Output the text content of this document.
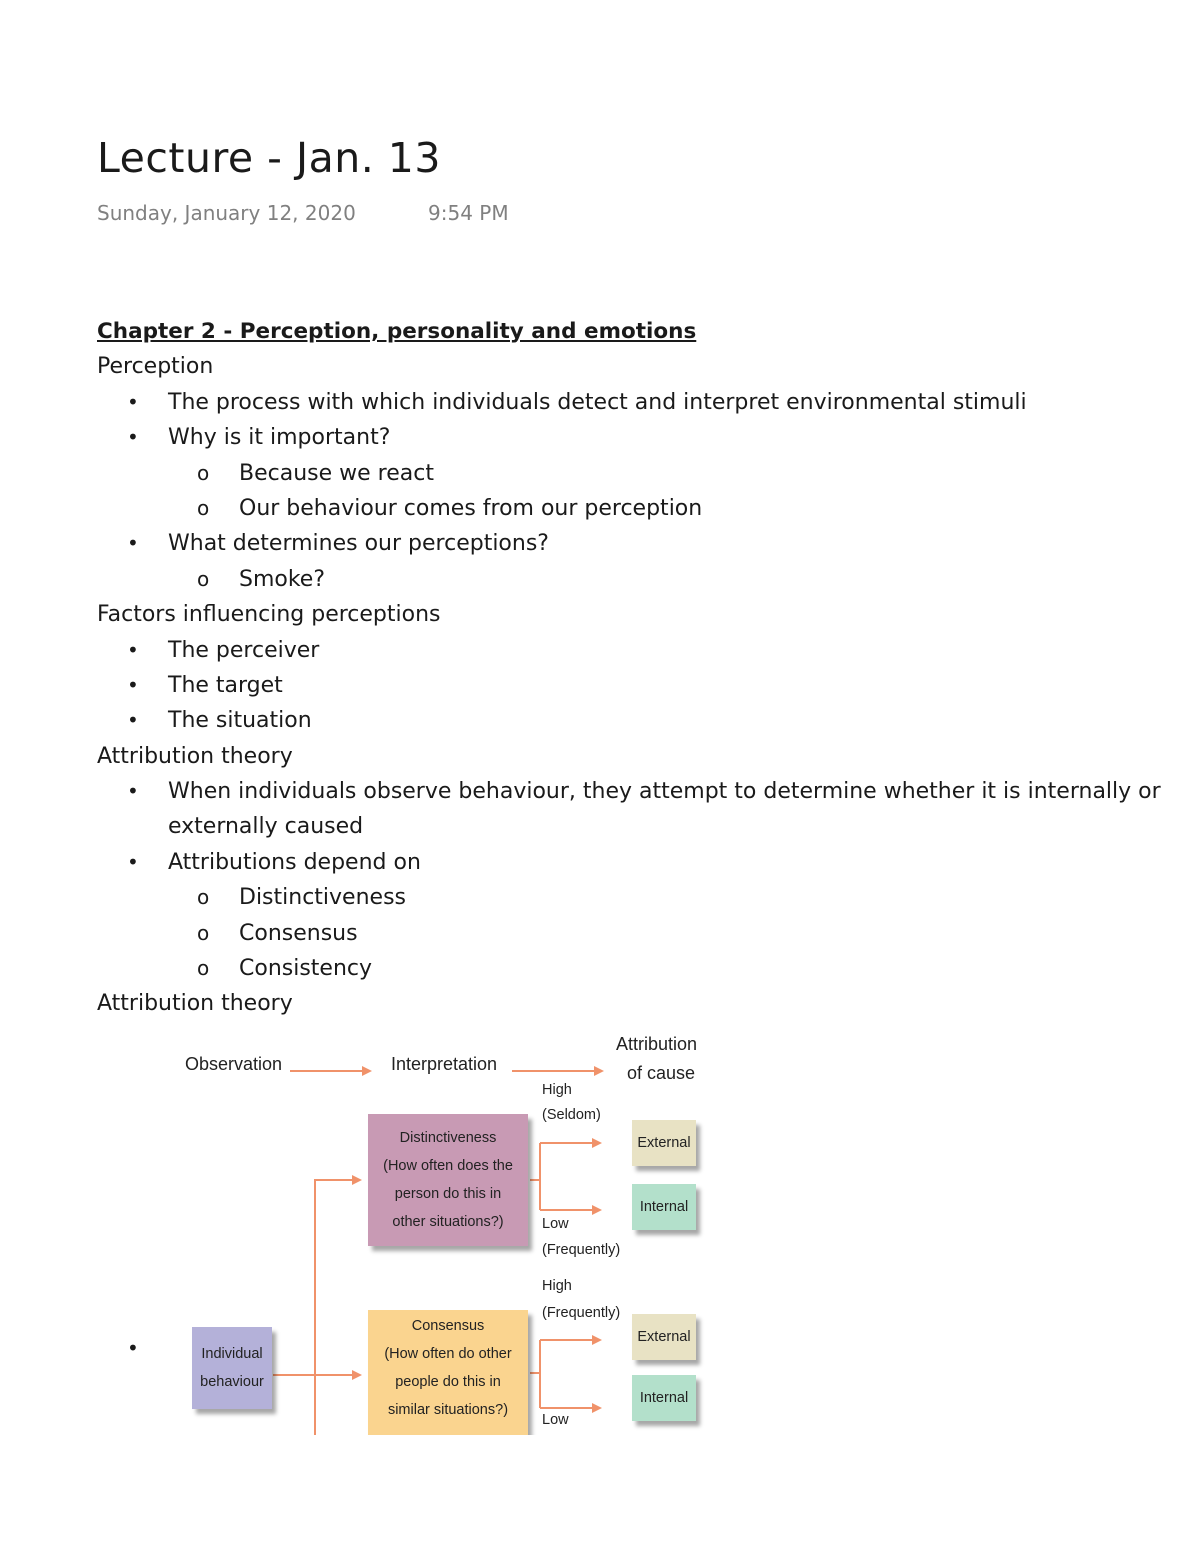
Lecture - Jan. 13
Sunday, January 12, 2020	9:54 PM
Chapter 2 - Perception, personality and emotions
Perception
• The process with which individuals detect and interpret environmental stimuli
• Why is it important?
o Because we react
o Our behaviour comes from our perception
• What determines our perceptions?
o Smoke?
Factors influencing perceptions
• The perceiver
• The target
• The situation
Attribution theory
• When individuals observe behaviour, they attempt to determine whether it is internally or
externally caused
• Attributions depend on
o Distinctiveness
o Consensus
o Consistency
Attribution theory
•
Observation	Interpretation
Attribution
of cause
Distinctiveness
(How often does the
person do this in
other situations?)
Consensus
(How often do other
people do this in
similar situations?)
Individual
behaviour
High
(Seldom)
Low
(Frequently)
High
(Frequently)
Low
External
Internal
External
Internal
